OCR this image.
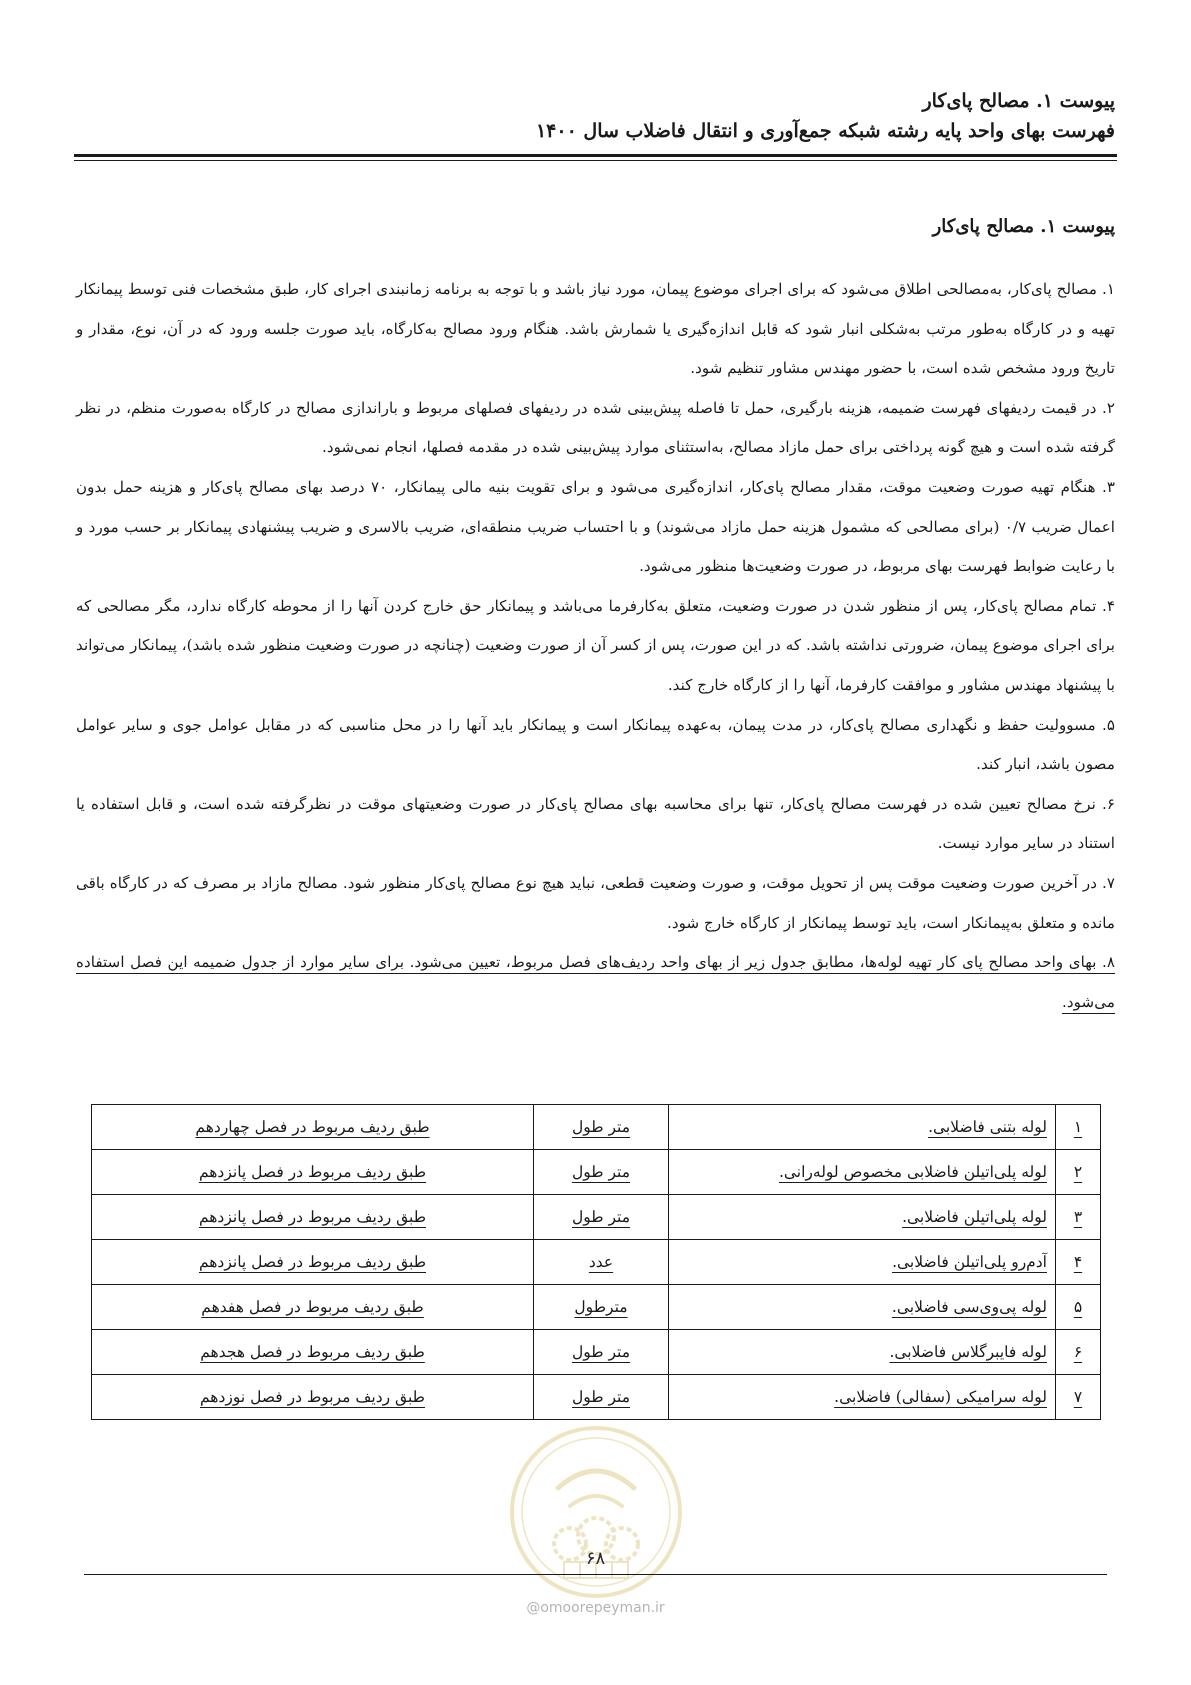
پیوست ۱. مصالح پای‌کار
فهرست بهای واحد پایه رشته شبکه جمع‌آوری و انتقال فاضلاب سال ۱۴۰۰
پیوست ۱. مصالح پای‌کار

۱. مصالح پای‌کار، به‌مصالحی اطلاق می‌شود که برای اجرای موضوع پیمان، مورد نیاز باشد و با توجه به برنامه زمانبندی اجرای کار، طبق مشخصات فنی توسط پیمانکار تهیه و در کارگاه به‌طور مرتب به‌شکلی انبار شود که قابل اندازه‌گیری یا شمارش باشد. هنگام ورود مصالح به‌کارگاه، باید صورت جلسه ورود که در آن، نوع، مقدار و تاریخ ورود مشخص شده است، با حضور مهندس مشاور تنظیم شود.

۲. در قیمت ردیفهای فهرست ضمیمه، هزینه بارگیری، حمل تا فاصله پیش‌بینی شده در ردیفهای فصلهای مربوط و باراندازی مصالح در کارگاه به‌صورت منظم، در نظر گرفته شده است و هیچ گونه پرداختی برای حمل مازاد مصالح، به‌استثنای موارد پیش‌بینی شده در مقدمه فصلها، انجام نمی‌شود.

۳. هنگام تهیه صورت وضعیت موقت، مقدار مصالح پای‌کار، اندازه‌گیری می‌شود و برای تقویت بنیه مالی پیمانکار، ۷۰ درصد بهای مصالح پای‌کار و هزینه حمل بدون اعمال ضریب ۰/۷ (برای مصالحی که مشمول هزینه حمل مازاد می‌شوند) و با احتساب ضریب منطقه‌ای، ضریب بالاسری و ضریب پیشنهادی پیمانکار بر حسب مورد و با رعایت ضوابط فهرست بهای مربوط، در صورت وضعیت‌ها منظور می‌شود.

۴. تمام مصالح پای‌کار، پس از منظور شدن در صورت وضعیت، متعلق به‌کارفرما می‌باشد و پیمانکار حق خارج کردن آنها را از محوطه کارگاه ندارد، مگر مصالحی که برای اجرای موضوع پیمان، ضرورتی نداشته باشد. که در این صورت، پس از کسر آن از صورت وضعیت (چنانچه در صورت وضعیت منظور شده باشد)، پیمانکار می‌تواند با پیشنهاد مهندس مشاور و موافقت کارفرما، آنها را از کارگاه خارج کند.

۵. مسوولیت حفظ و نگهداری مصالح پای‌کار، در مدت پیمان، به‌عهده پیمانکار است و پیمانکار باید آنها را در محل مناسبی که در مقابل عوامل جوی و سایر عوامل مصون باشد، انبار کند.

۶. نرخ مصالح تعیین شده در فهرست مصالح پای‌کار، تنها برای محاسبه بهای مصالح پای‌کار در صورت وضعیتهای موقت در نظرگرفته شده است، و قابل استفاده یا استناد در سایر موارد نیست.

۷. در آخرین صورت وضعیت موقت پس از تحویل موقت، و صورت وضعیت قطعی، نباید هیچ نوع مصالح پای‌کار منظور شود. مصالح مازاد بر مصرف که در کارگاه باقی مانده و متعلق به‌پیمانکار است، باید توسط پیمانکار از کارگاه خارج شود.

۸. بهای واحد مصالح پای کار تهیه لوله‌ها، مطابق جدول زیر از بهای واحد ردیف‌های فصل مربوط، تعیین می‌شود. برای سایر موارد از جدول ضمیمه این فصل استفاده می‌شود.

۱	لوله بتنی فاضلابی.	متر طول	طبق ردیف مربوط در فصل چهاردهم
۲	لوله پلی‌اتیلن فاضلابی مخصوص لوله‌رانی.	متر طول	طبق ردیف مربوط در فصل پانزدهم
۳	لوله پلی‌اتیلن فاضلابی.	متر طول	طبق ردیف مربوط در فصل پانزدهم
۴	آدم‌رو پلی‌اتیلن فاضلابی.	عدد	طبق ردیف مربوط در فصل پانزدهم
۵	لوله پی‌وی‌سی فاضلابی.	مترطول	طبق ردیف مربوط در فصل هفدهم
۶	لوله فایبرگلاس فاضلابی.	متر طول	طبق ردیف مربوط در فصل هجدهم
۷	لوله سرامیکی (سفالی) فاضلابی.	متر طول	طبق ردیف مربوط در فصل نوزدهم
۶۸
@omoorepeyman.ir
